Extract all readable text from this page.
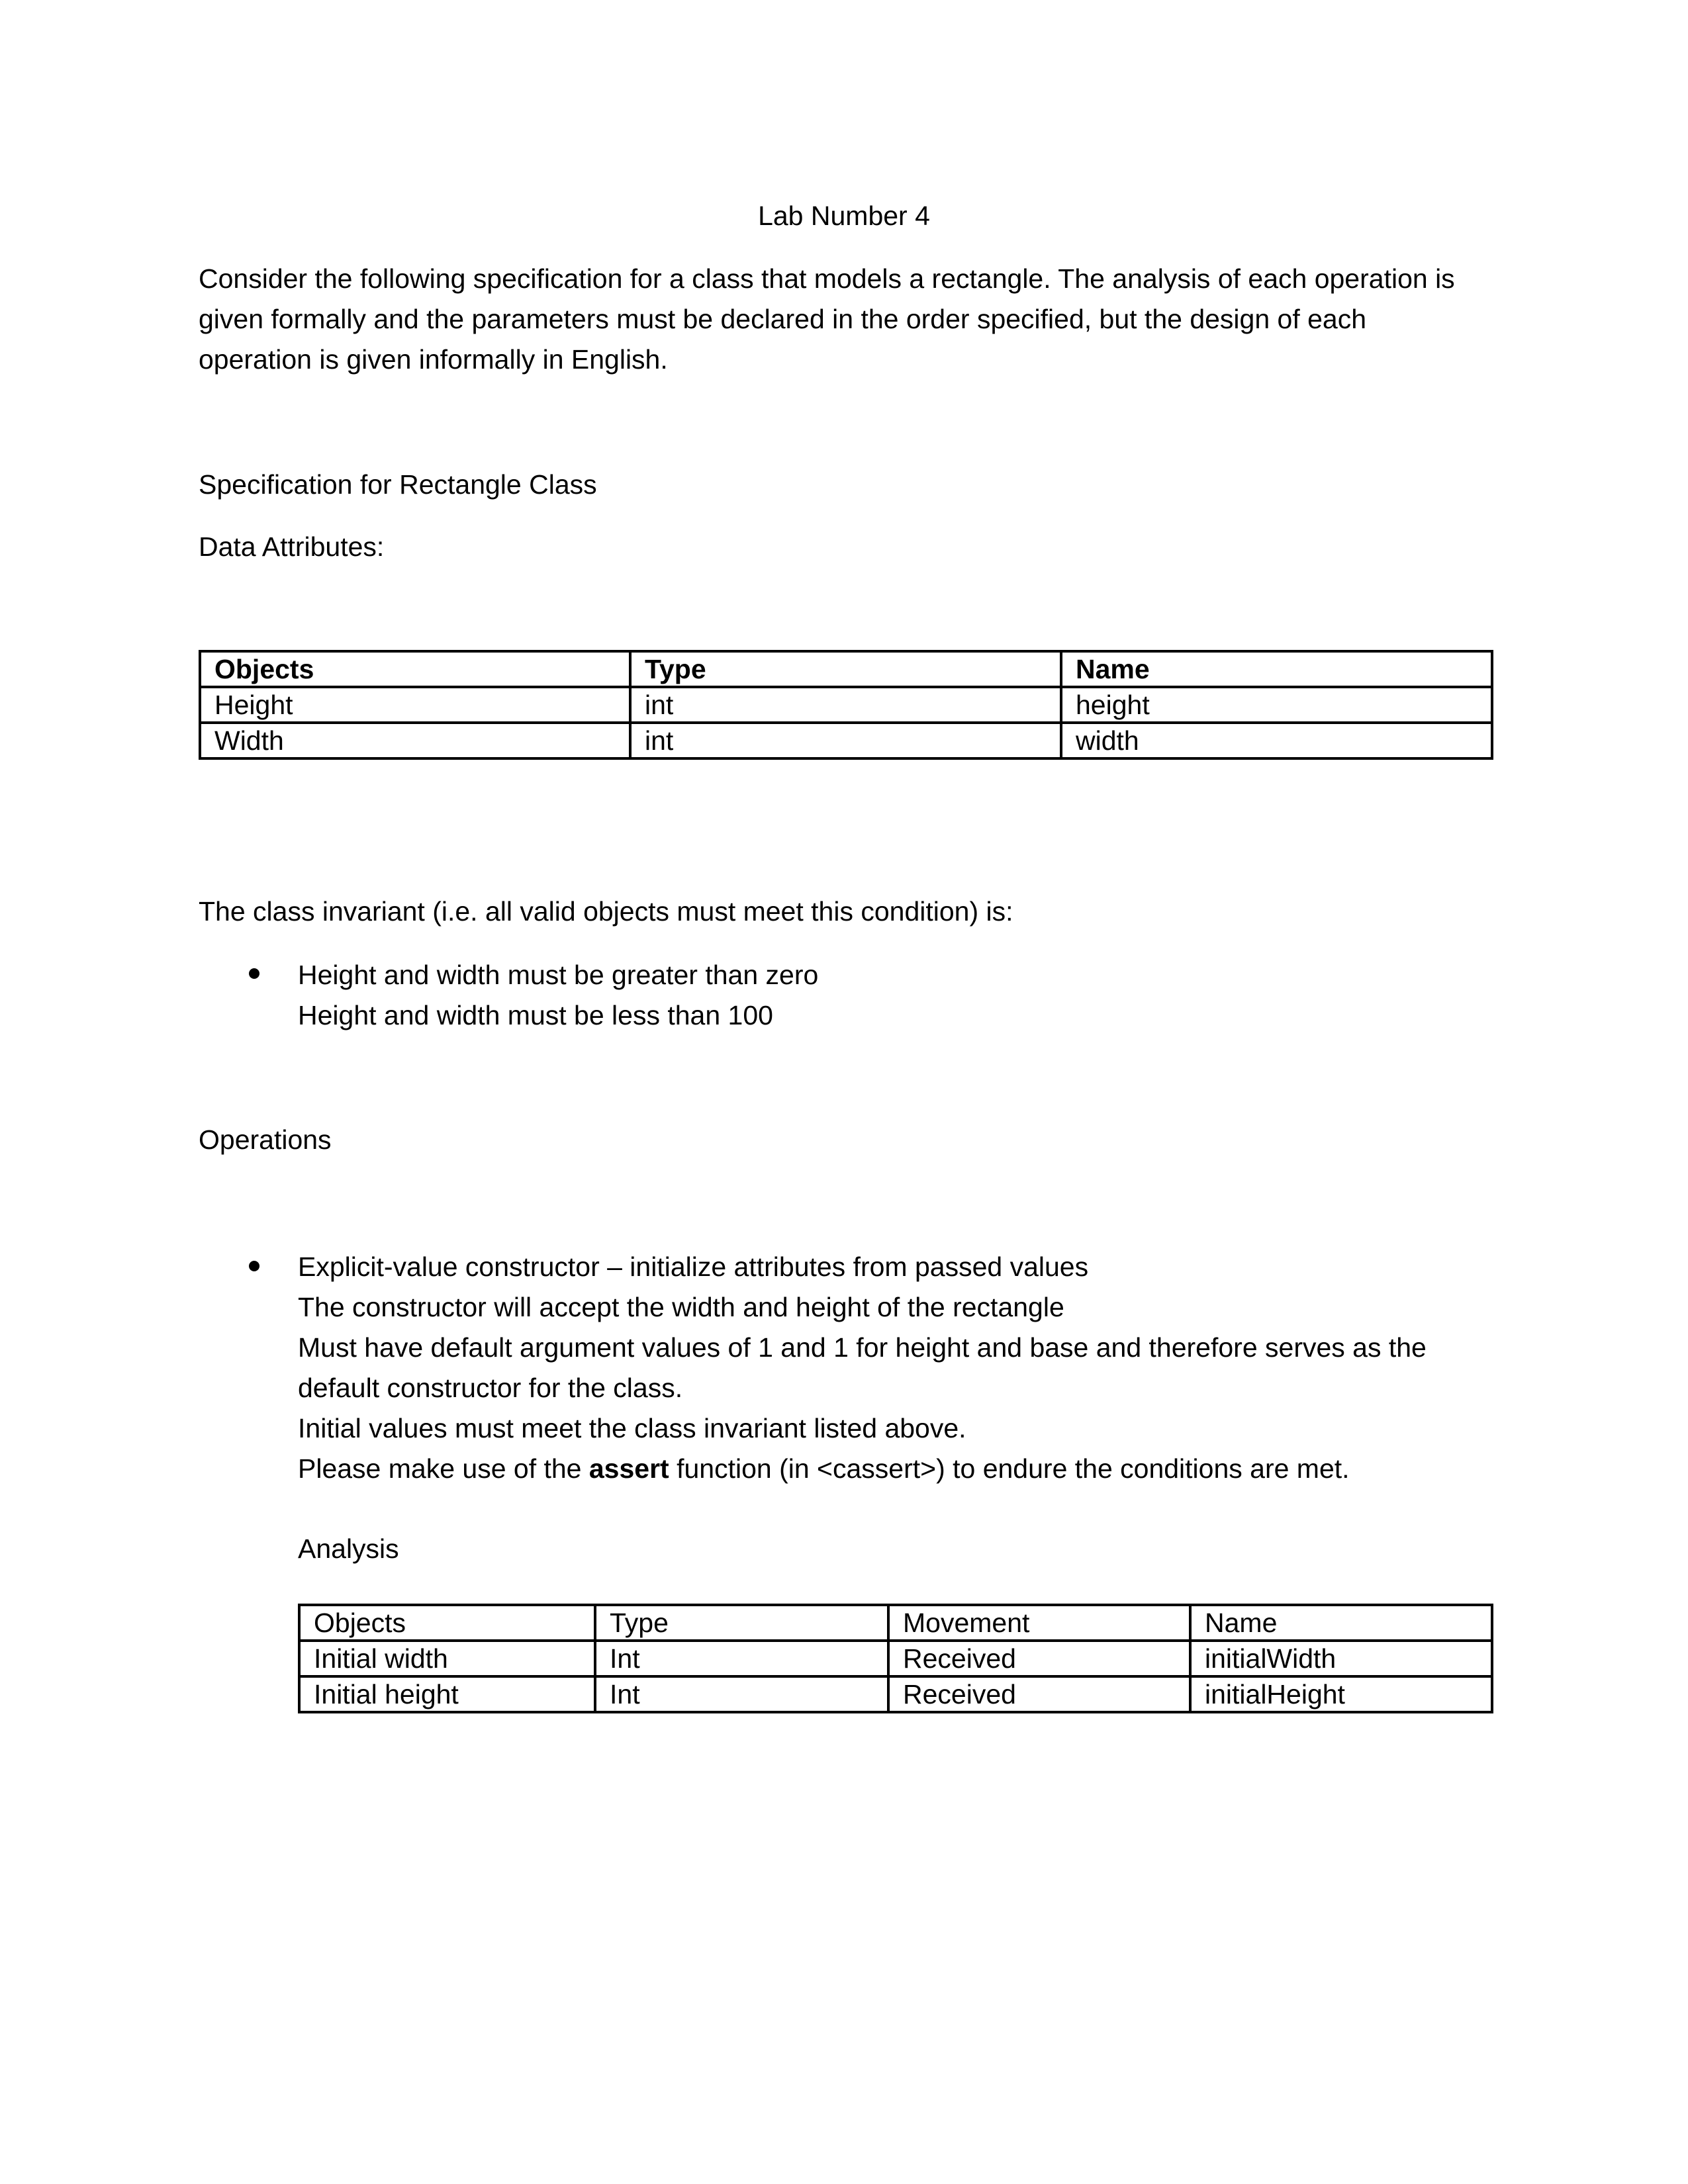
Lab Number 4
Consider the following specification for a class that models a rectangle. The analysis of each operation is
given formally and the parameters must be declared in the order specified, but the design of each
operation is given informally in English.
Specification for Rectangle Class
Data Attributes:
Objects	Type	Name
Height	int	height
Width	int	width
The class invariant (i.e. all valid objects must meet this condition) is:
Height and width must be greater than zero
Height and width must be less than 100
Operations
Explicit-value constructor – initialize attributes from passed values
The constructor will accept the width and height of the rectangle
Must have default argument values of 1 and 1 for height and base and therefore serves as the
default constructor for the class.
Initial values must meet the class invariant listed above.
Please make use of the assert function (in <cassert>) to endure the conditions are met.
Analysis
Objects	Type	Movement	Name
Initial width	Int	Received	initialWidth
Initial height	Int	Received	initialHeight
